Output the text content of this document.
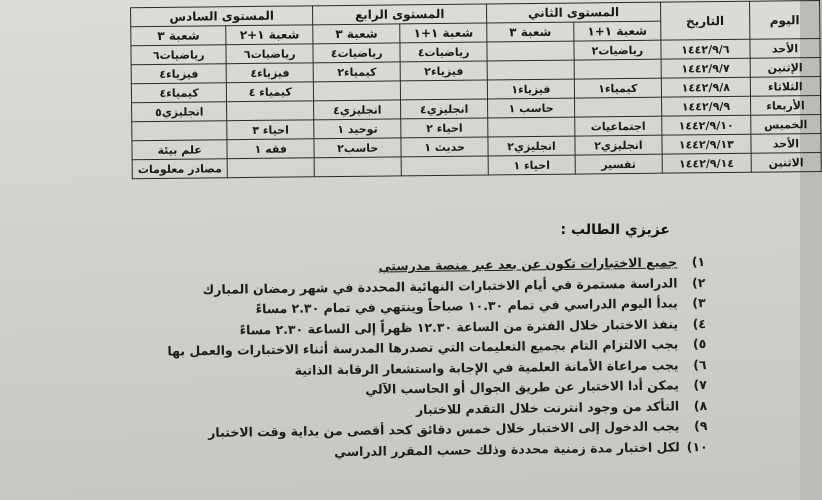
اليوم	التاريخ	المستوى الثاني		المستوى الرابع		المستوى السادس	
		شعبة ١+١	شعبة ٣	شعبة ١+١	شعبة ٣	شعبة ١+٢	شعبة ٣
الأحد	١٤٤٢/٩/٦	رياضيات٢		رياضيات٤	رياضيات٤	رياضيات٦	رياضيات٦
الإثنين	١٤٤٢/٩/٧			فيزياء٢	كيمياء٢	فيزياء٤	فيزياء٤
الثلاثاء	١٤٤٢/٩/٨	كيمياء١	فيزياء١			كيمياء ٤	كيمياء٤
الأربعاء	١٤٤٢/٩/٩		حاسب ١	انجليزي٤	انجليزي٤		انجليزي٥
الخميس	١٤٤٢/٩/١٠	اجتماعيات		احياء ٢	توحيد ١	احياء ٣	
الأحد	١٤٤٢/٩/١٣	انجليزي٢	انجليزي٢	حديث ١	حاسب٢	فقه ١	علم بيئة
الاثنين	١٤٤٢/٩/١٤	تفسير	احياء ١				مصادر معلومات
عزيزي الطالب :
١)جميع الاختبارات تكون عن بعد عبر منصة مدرستي
٢)الدراسة مستمرة في أيام الاختبارات النهائية المحددة في شهر رمضان المبارك
٣)يبدأ اليوم الدراسي في تمام ١٠.٣٠ صباحاً وينتهي في تمام ٢.٣٠ مساءً
٤)ينفذ الاختبار خلال الفترة من الساعة ١٢.٣٠ ظهراً إلى الساعة ٢.٣٠ مساءً
٥)يجب الالتزام التام بجميع التعليمات التي تصدرها المدرسة أثناء الاختبارات والعمل بها
٦)يجب مراعاة الأمانة العلمية في الإجابة واستشعار الرقابة الذاتية
٧)يمكن أدا الاختبار عن طريق الجوال أو الحاسب الآلي
٨)التأكد من وجود انترنت خلال التقدم للاختبار
٩)يجب الدخول إلى الاختبار خلال خمس دقائق كحد أقصى من بداية وقت الاختبار
١٠)لكل اختبار مدة زمنية محددة وذلك حسب المقرر الدراسي
